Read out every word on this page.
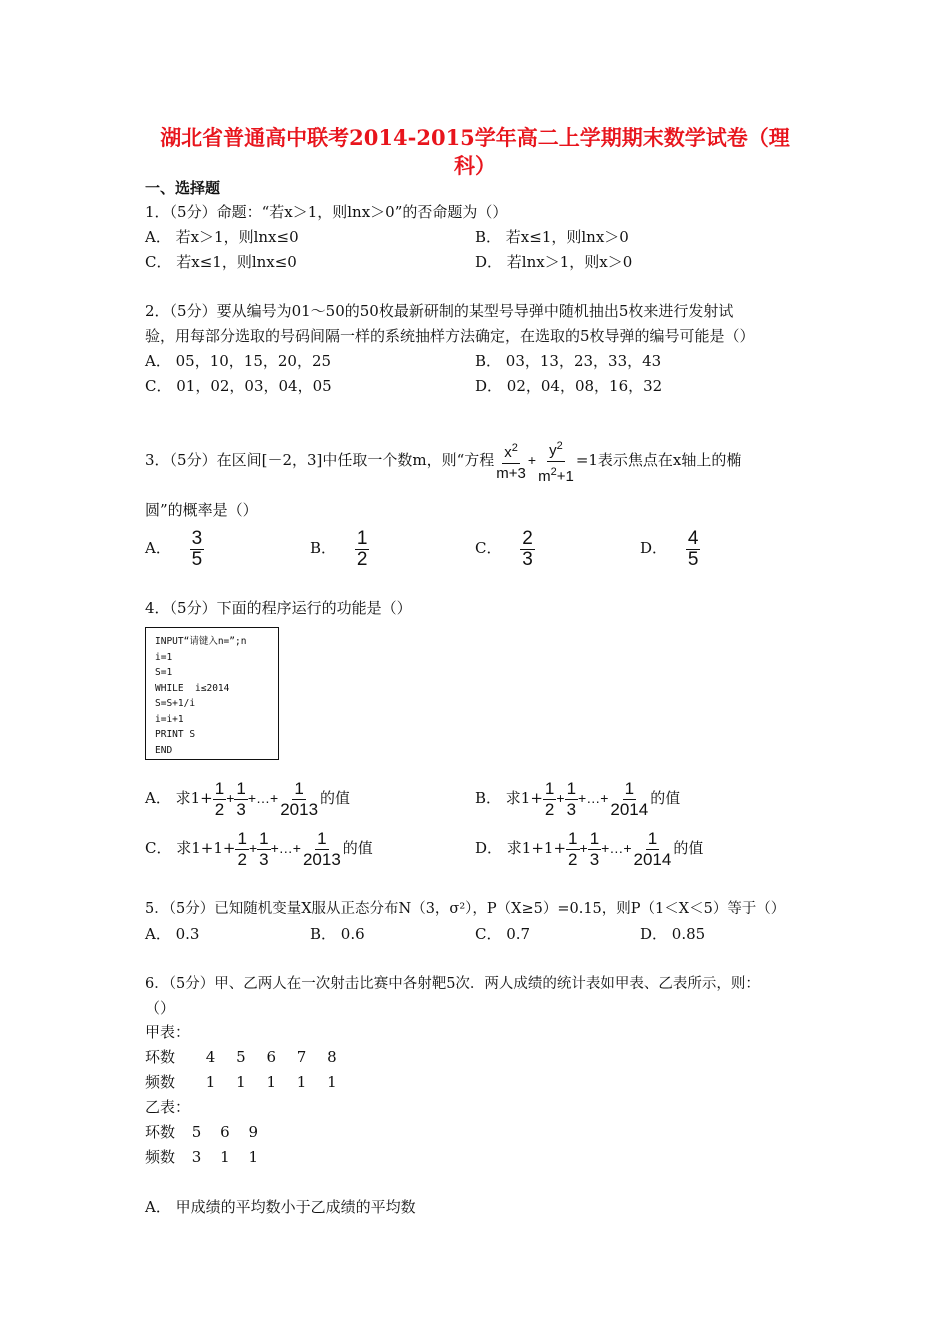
湖北省普通高中联考2014-2015学年高二上学期期末数学试卷（理
科）
一、选择题
1．（5分）命题：“若x＞1，则lnx＞0”的否命题为（）
A． 若x＞1，则lnx≤0	B． 若x≤1，则lnx＞0
C． 若x≤1，则lnx≤0	D． 若lnx＞1，则x＞0
2．（5分）要从编号为01～50的50枚最新研制的某型号导弹中随机抽出5枚来进行发射试
验，用每部分选取的号码间隔一样的系统抽样方法确定，在选取的5枚导弹的编号可能是（）
A． 05，10，15，20，25	B． 03，13，23，33，43
C． 01，02，03，04，05	D． 02，04，08，16，32
3．（5分）在区间[－2，3]中任取一个数m，则“方程 $\frac{x^2}{m+3} + \frac{y^2}{m^2+1} =1$表示焦点在x轴上的椭
圆”的概率是（）
A． $\frac{3}{5}$	B． $\frac{1}{2}$	C． $\frac{2}{3}$	D． $\frac{4}{5}$
4．（5分）下面的程序运行的功能是（）
INPUT“请键入n=”;n
i=1
S=1
WHILE  i≤2014
S=S+1/i
i=i+1
PRINT S
END
A． 求$1+ \frac{1}{2} + \frac{1}{3}$ +…+ $\frac{1}{2013}$ 的值	B． 求$1+ \frac{1}{2} + \frac{1}{3}$ +…+ $\frac{1}{2014}$ 的值
C． 求$1+1+ \frac{1}{2} + \frac{1}{3}$ +…+ $\frac{1}{2013}$ 的值	D． 求$1+1+ \frac{1}{2} + \frac{1}{3}$ +…+ $\frac{1}{2014}$ 的值
5．（5分）已知随机变量X服从正态分布N（3，σ²），P（X≥5）=0.15，则P（1＜X＜5）等于（）
A． 0.3	B． 0.6	C． 0.7	D． 0.85
6．（5分）甲、乙两人在一次射击比赛中各射靶5次．两人成绩的统计表如甲表、乙表所示，则：
（）
甲表：
环数 4 5 6 7 8
频数 1 1 1 1 1
乙表：
环数 5 6 9
频数 3 1 1
A． 甲成绩的平均数小于乙成绩的平均数
